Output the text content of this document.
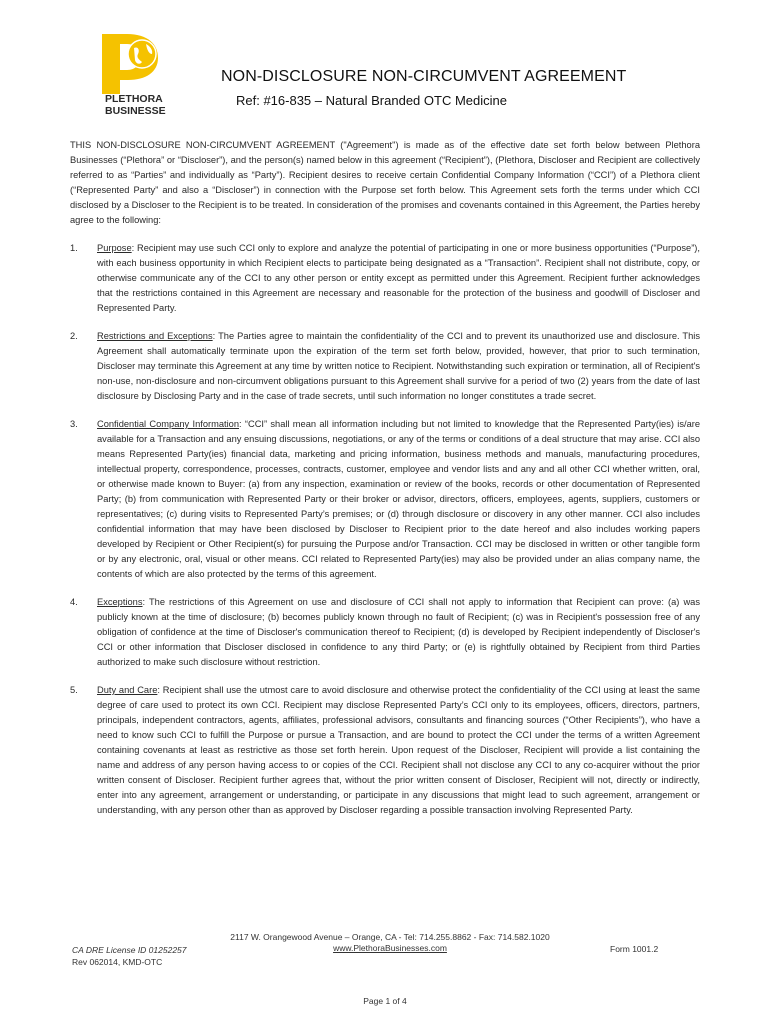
PLETHORA
BUSINESSES
NON-DISCLOSURE NON-CIRCUMVENT AGREEMENT
Ref: #16-835 – Natural Branded OTC Medicine

THIS NON-DISCLOSURE NON-CIRCUMVENT AGREEMENT ("Agreement") is made as of the effective date set forth below between Plethora Businesses (“Plethora” or “Discloser”), and the person(s) named below in this agreement (“Recipient”), (Plethora, Discloser and Recipient are collectively referred to as “Parties” and individually as “Party”). Recipient desires to receive certain Confidential Company Information (“CCI”) of a Plethora client (“Represented Party” and also a “Discloser”) in connection with the Purpose set forth below. This Agreement sets forth the terms under which CCI disclosed by a Discloser to the Recipient is to be treated. In consideration of the promises and covenants contained in this Agreement, the Parties hereby agree to the following:

1.	Purpose: Recipient may use such CCI only to explore and analyze the potential of participating in one or more business opportunities (“Purpose”), with each business opportunity in which Recipient elects to participate being designated as a “Transaction”. Recipient shall not distribute, copy, or otherwise communicate any of the CCI to any other person or entity except as permitted under this Agreement. Recipient further acknowledges that the restrictions contained in this Agreement are necessary and reasonable for the protection of the business and goodwill of Discloser and Represented Party.
2.	Restrictions and Exceptions: The Parties agree to maintain the confidentiality of the CCI and to prevent its unauthorized use and disclosure. This Agreement shall automatically terminate upon the expiration of the term set forth below, provided, however, that prior to such termination, Discloser may terminate this Agreement at any time by written notice to Recipient. Notwithstanding such expiration or termination, all of Recipient's non-use, non-disclosure and non-circumvent obligations pursuant to this Agreement shall survive for a period of two (2) years from the date of last disclosure by Disclosing Party and in the case of trade secrets, until such information no longer constitutes a trade secret.
3.	Confidential Company Information: “CCI” shall mean all information including but not limited to knowledge that the Represented Party(ies) is/are available for a Transaction and any ensuing discussions, negotiations, or any of the terms or conditions of a deal structure that may arise. CCI also means Represented Party(ies) financial data, marketing and pricing information, business methods and manuals, manufacturing procedures, intellectual property, correspondence, processes, contracts, customer, employee and vendor lists and any and all other CCI whether written, oral, or otherwise made known to Buyer: (a) from any inspection, examination or review of the books, records or other documentation of Represented Party; (b) from communication with Represented Party or their broker or advisor, directors, officers, employees, agents, suppliers, customers or representatives; (c) during visits to Represented Party’s premises; or (d) through disclosure or discovery in any other manner. CCI also includes confidential information that may have been disclosed by Discloser to Recipient prior to the date hereof and also includes working papers developed by Recipient or Other Recipient(s) for pursuing the Purpose and/or Transaction. CCI may be disclosed in written or other tangible form or by any electronic, oral, visual or other means. CCI related to Represented Party(ies) may also be provided under an alias company name, the contents of which are also protected by the terms of this agreement.
4.	Exceptions: The restrictions of this Agreement on use and disclosure of CCI shall not apply to information that Recipient can prove: (a) was publicly known at the time of disclosure; (b) becomes publicly known through no fault of Recipient; (c) was in Recipient's possession free of any obligation of confidence at the time of Discloser's communication thereof to Recipient; (d) is developed by Recipient independently of Discloser's CCI or other information that Discloser disclosed in confidence to any third Party; or (e) is rightfully obtained by Recipient from third Parties authorized to make such disclosure without restriction.
5.	Duty and Care: Recipient shall use the utmost care to avoid disclosure and otherwise protect the confidentiality of the CCI using at least the same degree of care used to protect its own CCI. Recipient may disclose Represented Party’s CCI only to its employees, officers, directors, partners, principals, independent contractors, agents, affiliates, professional advisors, consultants and financing sources (“Other Recipients”), who have a need to know such CCI to fulfill the Purpose or pursue a Transaction, and are bound to protect the CCI under the terms of a written Agreement containing covenants at least as restrictive as those set forth herein. Upon request of the Discloser, Recipient will provide a list containing the name and address of any person having access to or copies of the CCI. Recipient shall not disclose any CCI to any co-acquirer without the prior written consent of Discloser. Recipient further agrees that, without the prior written consent of Discloser, Recipient will not, directly or indirectly, enter into any agreement, arrangement or understanding, or participate in any discussions that might lead to such agreement, arrangement or understanding, with any person other than as approved by Discloser regarding a possible transaction involving Represented Party.
2117 W. Orangewood Avenue – Orange, CA - Tel: 714.255.8862 - Fax: 714.582.1020
www.PlethoraBusinesses.com
CA DRE License ID 01252257
Rev 062014, KMD-OTC
Form 1001.2
Page 1 of 4
